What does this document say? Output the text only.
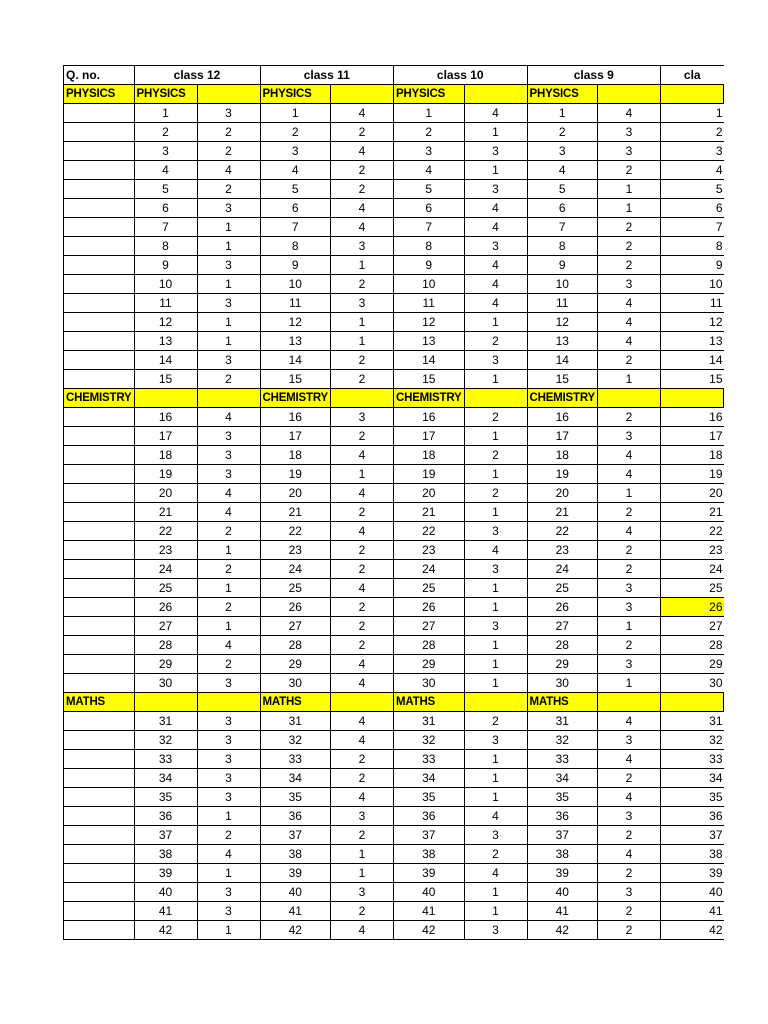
Q. no.	class 12		class 11		class 10		class 9		cla
PHYSICS	PHYSICS		PHYSICS		PHYSICS		PHYSICS		
	1	3	1	4	1	4	1	4	1
	2	2	2	2	2	1	2	3	2
	3	2	3	4	3	3	3	3	3
	4	4	4	2	4	1	4	2	4
	5	2	5	2	5	3	5	1	5
	6	3	6	4	6	4	6	1	6
	7	1	7	4	7	4	7	2	7
	8	1	8	3	8	3	8	2	8
	9	3	9	1	9	4	9	2	9
	10	1	10	2	10	4	10	3	10
	11	3	11	3	11	4	11	4	11
	12	1	12	1	12	1	12	4	12
	13	1	13	1	13	2	13	4	13
	14	3	14	2	14	3	14	2	14
	15	2	15	2	15	1	15	1	15
CHEMISTRY			CHEMISTRY		CHEMISTRY		CHEMISTRY		
	16	4	16	3	16	2	16	2	16
	17	3	17	2	17	1	17	3	17
	18	3	18	4	18	2	18	4	18
	19	3	19	1	19	1	19	4	19
	20	4	20	4	20	2	20	1	20
	21	4	21	2	21	1	21	2	21
	22	2	22	4	22	3	22	4	22
	23	1	23	2	23	4	23	2	23
	24	2	24	2	24	3	24	2	24
	25	1	25	4	25	1	25	3	25
	26	2	26	2	26	1	26	3	26
	27	1	27	2	27	3	27	1	27
	28	4	28	2	28	1	28	2	28
	29	2	29	4	29	1	29	3	29
	30	3	30	4	30	1	30	1	30
MATHS			MATHS		MATHS		MATHS		
	31	3	31	4	31	2	31	4	31
	32	3	32	4	32	3	32	3	32
	33	3	33	2	33	1	33	4	33
	34	3	34	2	34	1	34	2	34
	35	3	35	4	35	1	35	4	35
	36	1	36	3	36	4	36	3	36
	37	2	37	2	37	3	37	2	37
	38	4	38	1	38	2	38	4	38
	39	1	39	1	39	4	39	2	39
	40	3	40	3	40	1	40	3	40
	41	3	41	2	41	1	41	2	41
	42	1	42	4	42	3	42	2	42
